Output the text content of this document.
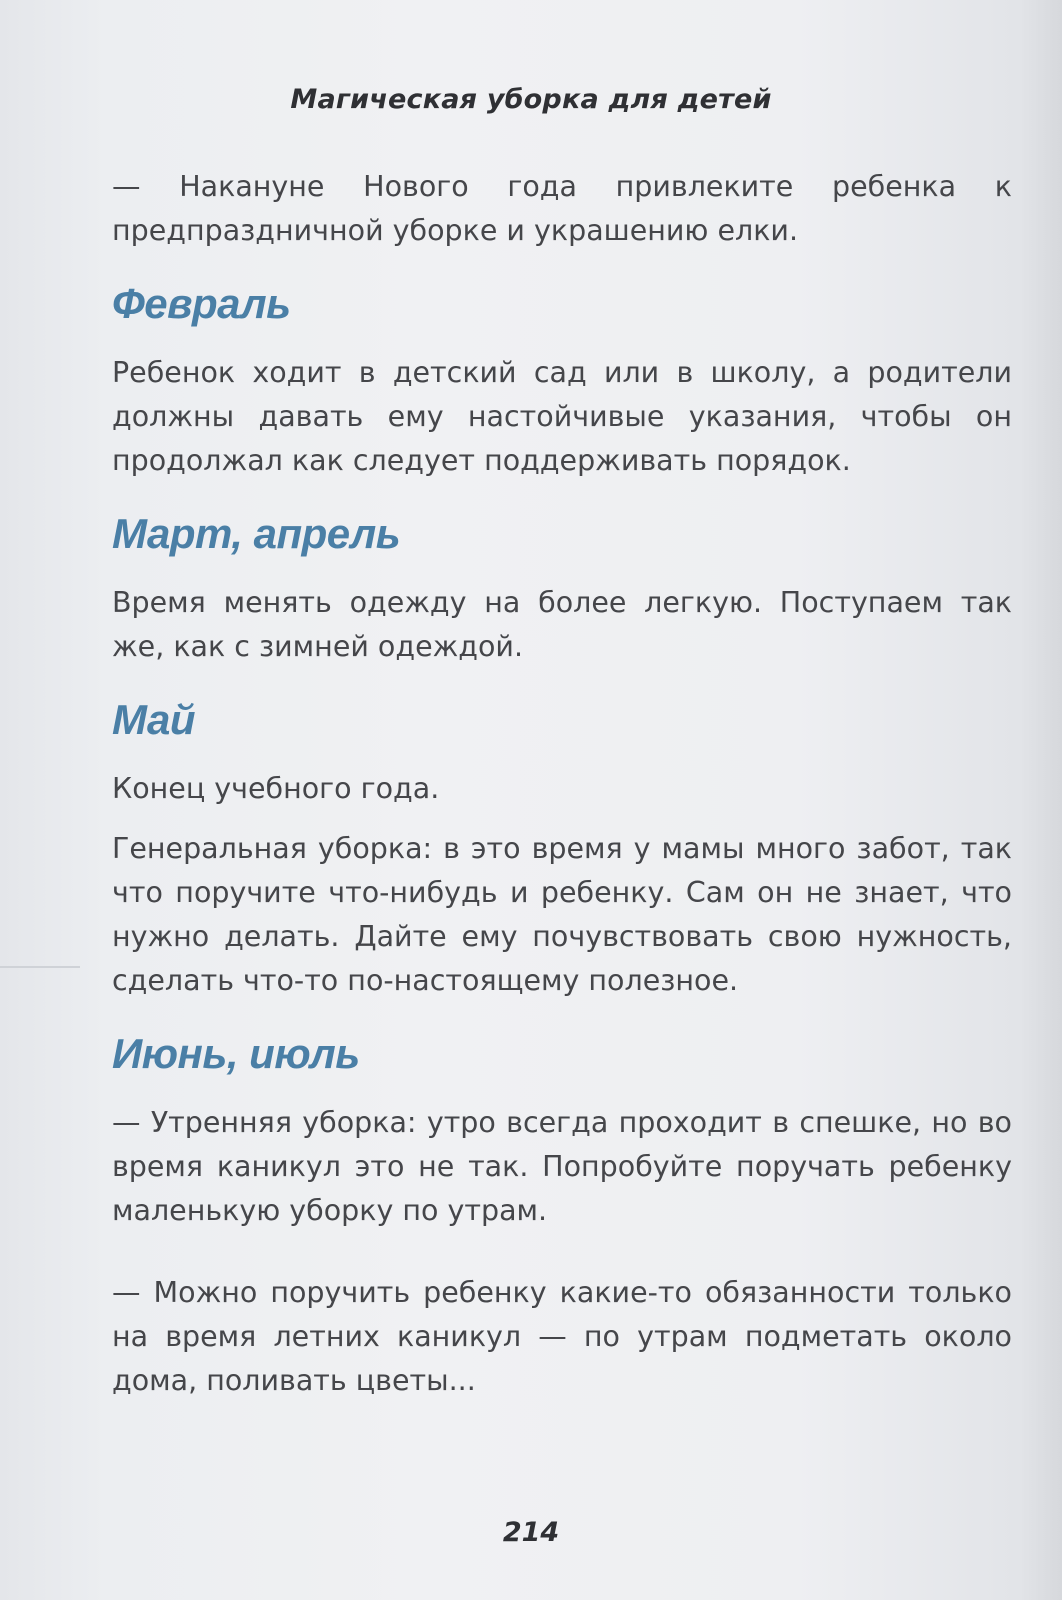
Магическая уборка для детей

— Накануне Нового года привлеките ребенка к предпраздничной уборке и украшению елки.

Февраль

Ребенок ходит в детский сад или в школу, а родители должны давать ему настойчивые указания, чтобы он продолжал как следует поддерживать порядок.

Март, апрель

Время менять одежду на более легкую. Поступаем так же, как с зимней одеждой.

Май

Конец учебного года.

Генеральная уборка: в это время у мамы много забот, так что поручите что-нибудь и ребенку. Сам он не знает, что нужно делать. Дайте ему почувствовать свою нужность, сделать что-то по-настоящему полезное.

Июнь, июль

— Утренняя уборка: утро всегда проходит в спешке, но во время каникул это не так. Попробуйте поручать ребенку маленькую уборку по утрам.

— Можно поручить ребенку какие-то обязанности только на время летних каникул — по утрам подметать около дома, поливать цветы...

214
